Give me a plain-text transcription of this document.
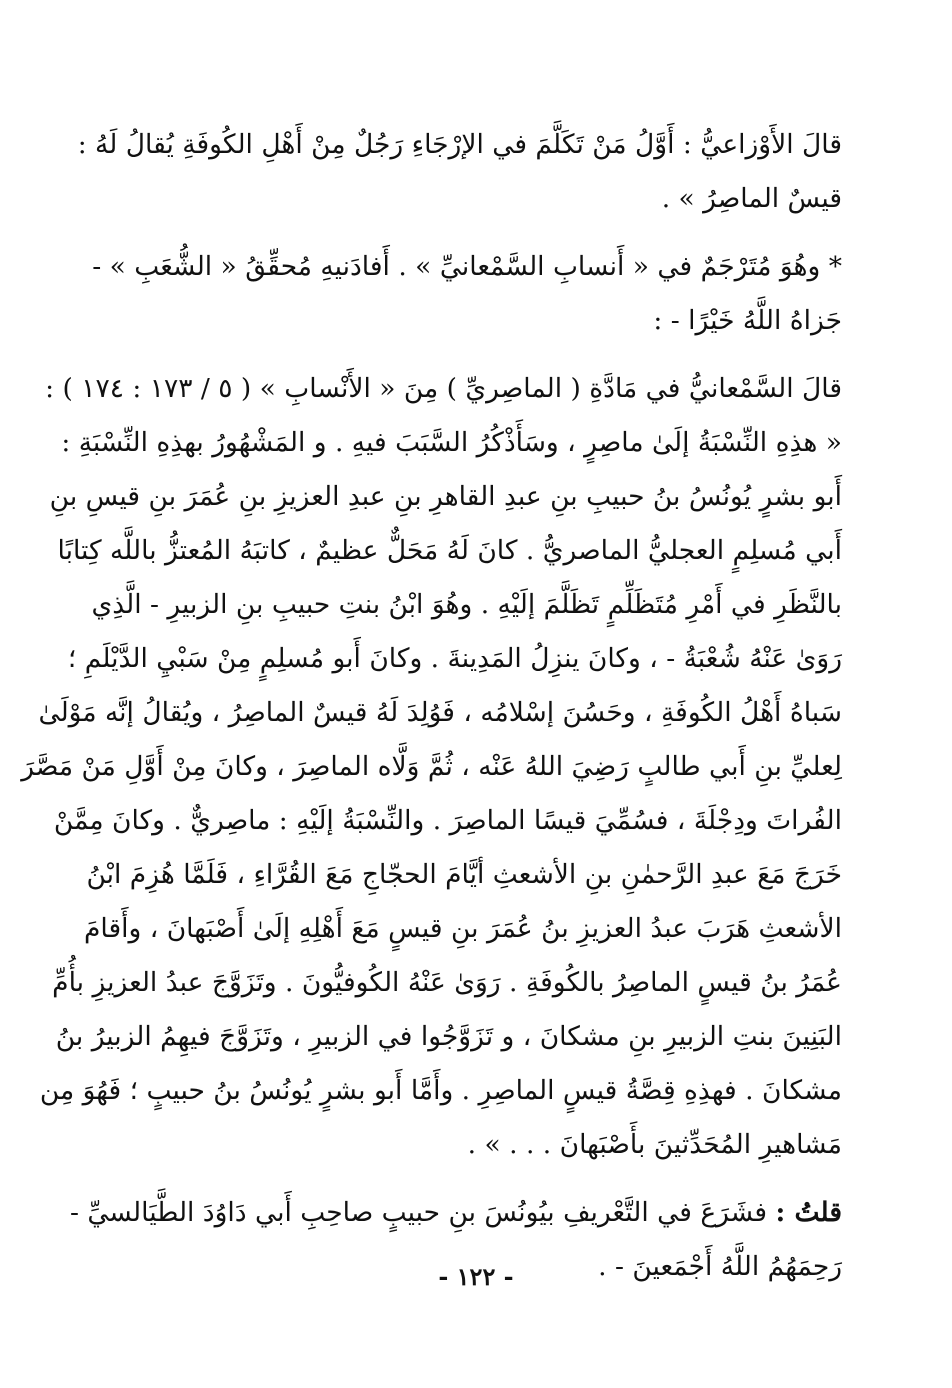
قالَ الأَوْزاعيُّ : أَوَّلُ مَنْ تَكَلَّمَ في الإرْجَاءِ رَجُلٌ مِنْ أَهْلِ الكُوفَةِ يُقالُ لَهُ :
قيسٌ الماصِرُ » .

* وهُوَ مُتَرْجَمٌ في « أَنسابِ السَّمْعانيِّ » . أَفادَنيهِ مُحقِّقُ « الشُّعَبِ » -
جَزاهُ اللَّهُ خَيْرًا - :

قالَ السَّمْعانيُّ في مَادَّةِ ( الماصِريِّ ) مِنَ « الأَنْسابِ » ( ٥ / ١٧٣ : ١٧٤ ) :
« هذِهِ النِّسْبَةُ إلَىٰ ماصِرٍ ، وسَأَذْكُرُ السَّبَبَ فيهِ . و المَشْهُورُ بهذِهِ النِّسْبَةِ :
أَبو بشرٍ يُونُسُ بنُ حبيبِ بنِ عبدِ القاهرِ بنِ عبدِ العزيزِ بنِ عُمَرَ بنِ قيسِ بنِ
أَبي مُسلِمٍ العجليُّ الماصريُّ . كانَ لَهُ مَحَلٌّ عظيمٌ ، كاتبَهُ المُعتزُّ باللَّه كِتابًا
بالنَّظَرِ في أَمْرِ مُتَظَلِّمٍ تَظَلَّمَ إلَيْهِ . وهُوَ ابْنُ بنتِ حبيبِ بنِ الزبيرِ - الَّذِي
رَوَىٰ عَنْهُ شُعْبَةُ - ، وكانَ ينزِلُ المَدِينةَ . وكانَ أَبو مُسلِمٍ مِنْ سَبْيِ الدَّيْلَمِ ؛
سَباهُ أَهْلُ الكُوفَةِ ، وحَسُنَ إسْلامُه ، فَوُلِدَ لَهُ قيسٌ الماصِرُ ، ويُقالُ إنَّه مَوْلَىٰ
لِعليِّ بنِ أَبي طالبٍ رَضِيَ اللهُ عَنْه ، ثُمَّ وَلَّاه الماصِرَ ، وكانَ مِنْ أَوَّلِ مَنْ مَصَّرَ
الفُراتَ ودِجْلَةَ ، فسُمِّيَ قيسًا الماصِرَ . والنِّسْبَةُ إلَيْهِ : ماصِريٌّ . وكانَ مِمَّنْ
خَرَجَ مَعَ عبدِ الرَّحمٰنِ بنِ الأشعثِ أيَّامَ الحجّاجِ مَعَ القُرَّاءِ ، فَلَمَّا هُزِمَ ابْنُ
الأشعثِ هَرَبَ عبدُ العزيزِ بنُ عُمَرَ بنِ قيسٍ مَعَ أَهْلِهِ إلَىٰ أَصْبَهانَ ، وأَقامَ
عُمَرُ بنُ قيسٍ الماصِرُ بالكُوفَةِ . رَوَىٰ عَنْهُ الكُوفيُّونَ . وتَزَوَّجَ عبدُ العزيزِ بأُمِّ
البَنِينَ بنتِ الزبيرِ بنِ مشكانَ ، و تَزَوَّجُوا في الزبيرِ ، وتَزَوَّجَ فيهِمُ الزبيرُ بنُ
مشكانَ . فهذِهِ قِصَّةُ قيسٍ الماصِرِ . وأَمَّا أَبو بشرٍ يُونُسُ بنُ حبيبٍ ؛ فَهُوَ مِن
مَشاهيرِ المُحَدِّثينَ بأَصْبَهانَ . . . » .

قلتُ : فشَرَعَ في التَّعْريفِ بيُونُسَ بنِ حبيبٍ صاحِبِ أَبي دَاوُدَ الطَّيَالسيِّ -
رَحِمَهُمُ اللَّهُ أَجْمَعينَ - .

- ١٢٢ -
